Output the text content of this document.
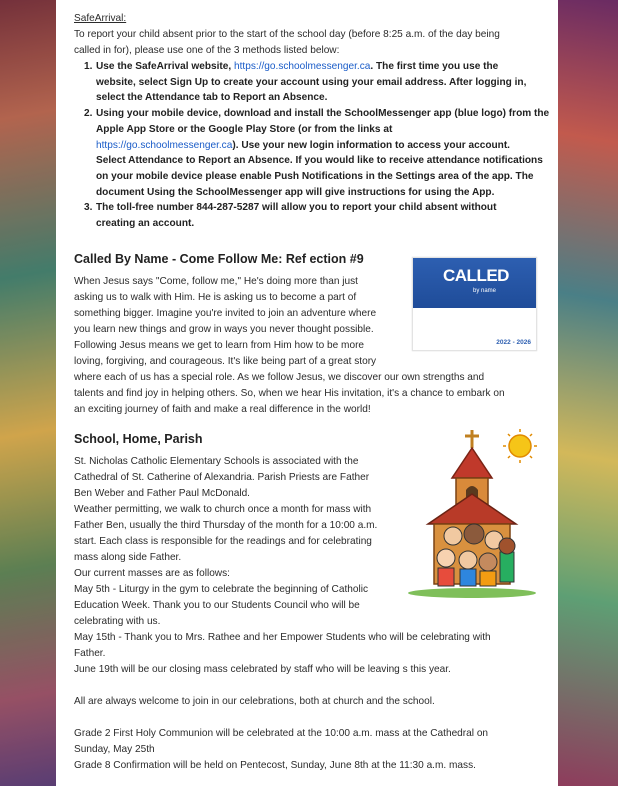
SafeArrival:
To report your child absent prior to the start of the school day (before 8:25 a.m. of the day being
called in for), please use one of the 3 methods listed below:
1. Use the SafeArrival website, https://go.schoolmessenger.ca. The first time you use the
website, select Sign Up to create your account using your email address. After logging in,
select the Attendance tab to Report an Absence.
2. Using your mobile device, download and install the SchoolMessenger app (blue logo) from the
Apple App Store or the Google Play Store (or from the links at
https://go.schoolmessenger.ca). Use your new login information to access your account.
Select Attendance to Report an Absence. If you would like to receive attendance notifications
on your mobile device please enable Push Notifications in the Settings area of the app. The
document Using the SchoolMessenger app will give instructions for using the App.
3. The toll-free number 844-287-5287 will allow you to report your child absent without
creating an account.
Called By Name - Come Follow Me: Ref ection #9
CALLED
by name
2022 - 2026
When Jesus says "Come, follow me," He's doing more than just
asking us to walk with Him. He is asking us to become a part of
something bigger. Imagine you're invited to join an adventure where
you learn new things and grow in ways you never thought possible.
Following Jesus means we get to learn from Him how to be more
loving, forgiving, and courageous. It's like being part of a great story
where each of us has a special role. As we follow Jesus, we discover our own strengths and
talents and find joy in helping others. So, when we hear His invitation, it's a chance to embark on
an exciting journey of faith and make a real difference in the world!
School, Home, Parish
St. Nicholas Catholic Elementary Schools is associated with the
Cathedral of St. Catherine of Alexandria. Parish Priests are Father
Ben Weber and Father Paul McDonald.
Weather permitting, we walk to church once a month for mass with
Father Ben, usually the third Thursday of the month for a 10:00 a.m.
start. Each class is responsible for the readings and for celebrating
mass along side Father.
Our current masses are as follows:
May 5th - Liturgy in the gym to celebrate the beginning of Catholic
Education Week. Thank you to our Students Council who will be
celebrating with us.
May 15th - Thank you to Mrs. Rathee and her Empower Students who will be celebrating with
Father.
June 19th will be our closing mass celebrated by staff who will be leaving s this year.
All are always welcome to join in our celebrations, both at church and the school.
Grade 2 First Holy Communion will be celebrated at the 10:00 a.m. mass at the Cathedral on
Sunday, May 25th
Grade 8 Confirmation will be held on Pentecost, Sunday, June 8th at the 11:30 a.m. mass.
